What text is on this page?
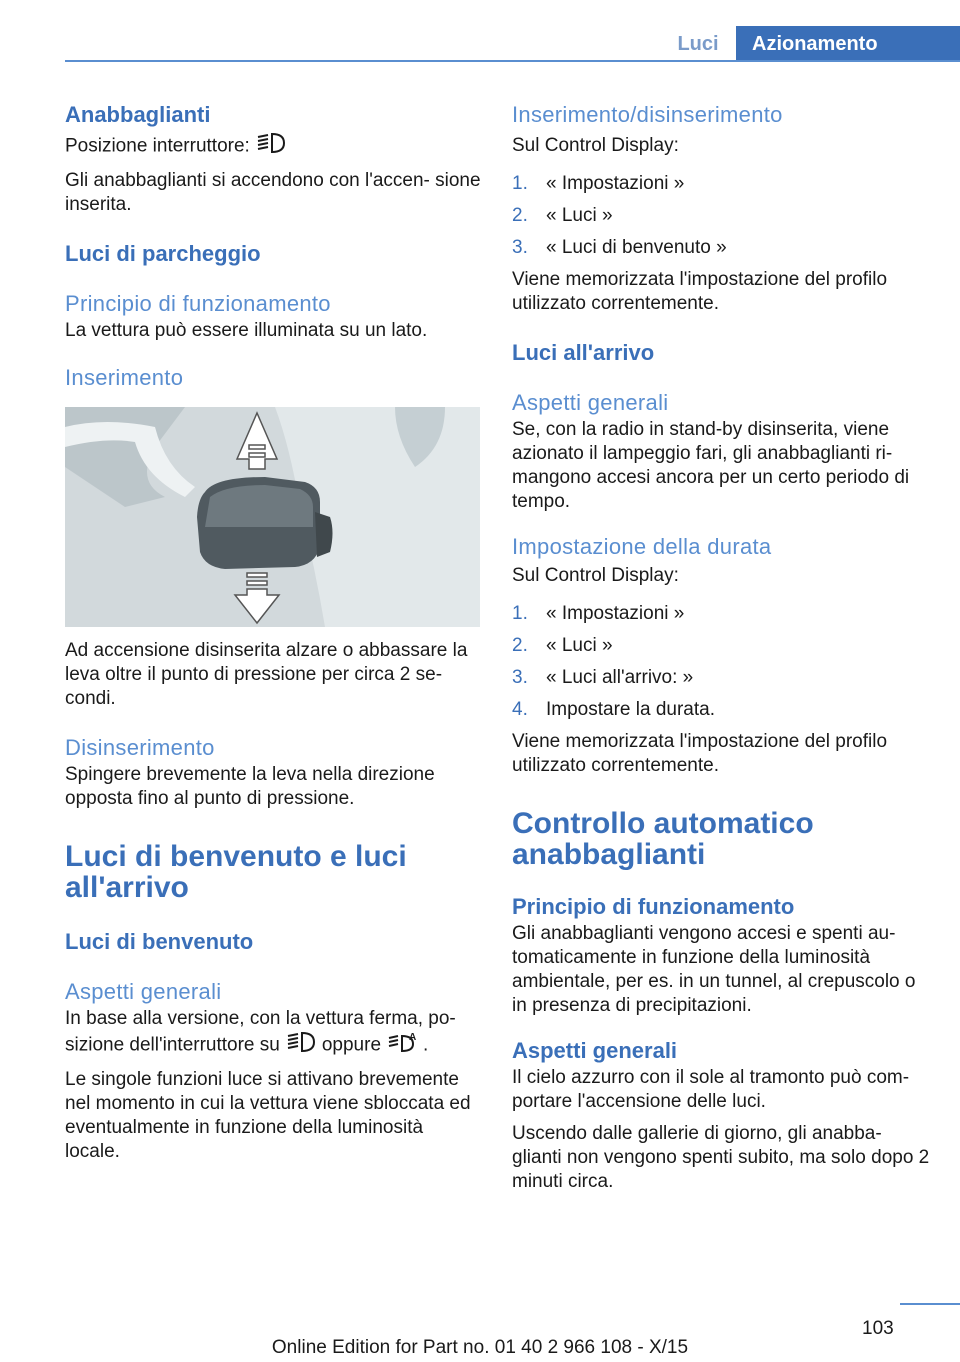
Luci	Azionamento
Anabbaglianti

Posizione interruttore:

Gli anabbaglianti si accendono con l'accen- sione inserita.

Luci di parcheggio
Principio di funzionamento

La vettura può essere illuminata su un lato.

Inserimento

Ad accensione disinserita alzare o abbassare la leva oltre il punto di pressione per circa 2 se- condi.

Disinserimento

Spingere brevemente la leva nella direzione opposta fino al punto di pressione.

Luci di benvenuto e luci all'arrivo
Luci di benvenuto
Aspetti generali

In base alla versione, con la vettura ferma, po- sizione dell'interruttore su oppure	A .

Le singole funzioni luce si attivano brevemente nel momento in cui la vettura viene sbloccata ed eventualmente in funzione della luminosità locale.

Inserimento/disinserimento

Sul Control Display:

1. « Impostazioni »
2. « Luci »
3. « Luci di benvenuto »

Viene memorizzata l'impostazione del profilo utilizzato correntemente.

Luci all'arrivo
Aspetti generali

Se, con la radio in stand-by disinserita, viene azionato il lampeggio fari, gli anabbaglianti ri- mangono accesi ancora per un certo periodo di tempo.

Impostazione della durata

Sul Control Display:

1. « Impostazioni »
2. « Luci »
3. « Luci all'arrivo: »
4. Impostare la durata.

Viene memorizzata l'impostazione del profilo utilizzato correntemente.

Controllo automatico anabbaglianti
Principio di funzionamento

Gli anabbaglianti vengono accesi e spenti au- tomaticamente in funzione della luminosità ambientale, per es. in un tunnel, al crepuscolo o in presenza di precipitazioni.

Aspetti generali

Il cielo azzurro con il sole al tramonto può com- portare l'accensione delle luci.

Uscendo dalle gallerie di giorno, gli anabba- glianti non vengono spenti subito, ma solo dopo 2 minuti circa.

103
Online Edition for Part no. 01 40 2 966 108 - X/15
